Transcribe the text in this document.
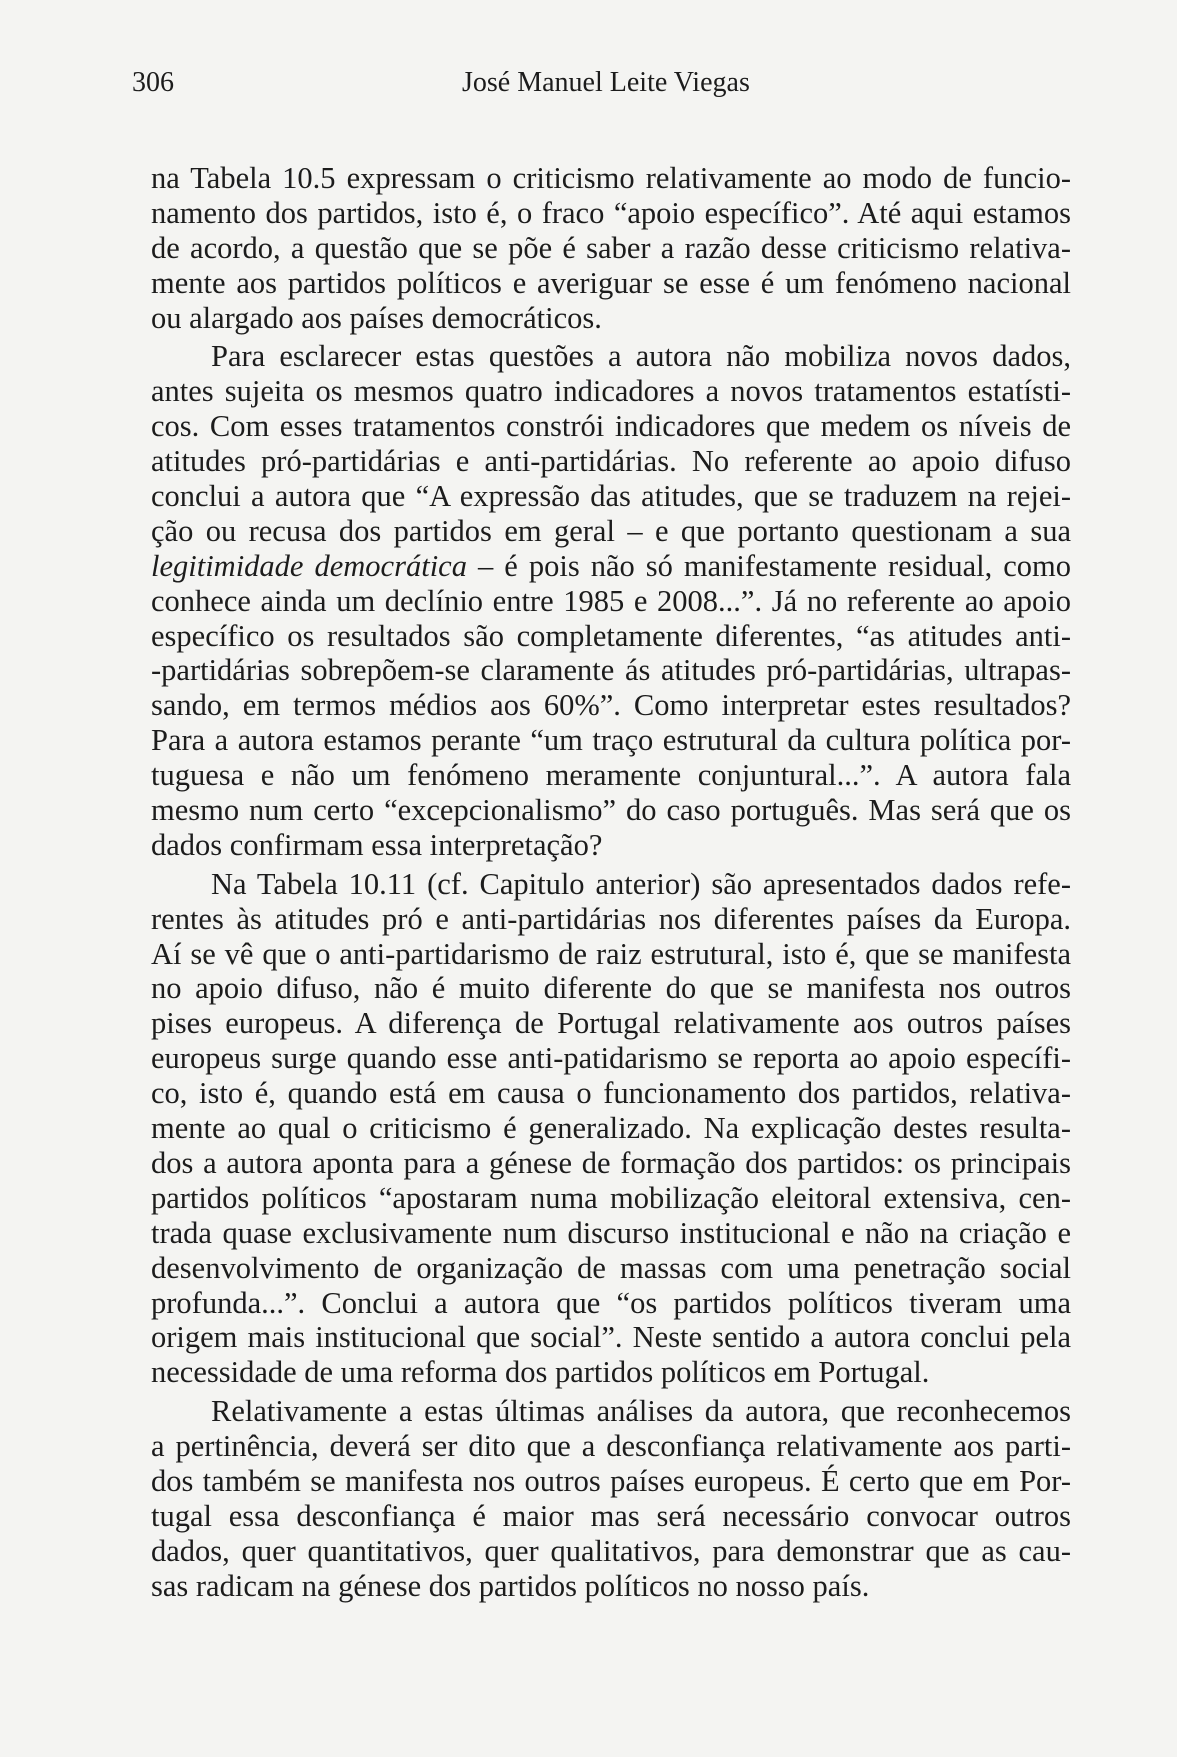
306	José Manuel Leite Viegas
na Tabela 10.5 expressam o criticismo relativamente ao modo de funcio-
namento dos partidos, isto é, o fraco “apoio específico”. Até aqui estamos
de acordo, a questão que se põe é saber a razão desse criticismo relativa-
mente aos partidos políticos e averiguar se esse é um fenómeno nacional
ou alargado aos países democráticos.
Para esclarecer estas questões a autora não mobiliza novos dados,
antes sujeita os mesmos quatro indicadores a novos tratamentos estatísti-
cos. Com esses tratamentos constrói indicadores que medem os níveis de
atitudes pró-partidárias e anti-partidárias. No referente ao apoio difuso
conclui a autora que “A expressão das atitudes, que se traduzem na rejei-
ção ou recusa dos partidos em geral – e que portanto questionam a sua
legitimidade democrática – é pois não só manifestamente residual, como
conhece ainda um declínio entre 1985 e 2008...”. Já no referente ao apoio
específico os resultados são completamente diferentes, “as atitudes anti-
-partidárias sobrepõem-se claramente ás atitudes pró-partidárias, ultrapas-
sando, em termos médios aos 60%”. Como interpretar estes resultados?
Para a autora estamos perante “um traço estrutural da cultura política por-
tuguesa e não um fenómeno meramente conjuntural...”. A autora fala
mesmo num certo “excepcionalismo” do caso português. Mas será que os
dados confirmam essa interpretação?
Na Tabela 10.11 (cf. Capitulo anterior) são apresentados dados refe-
rentes às atitudes pró e anti-partidárias nos diferentes países da Europa.
Aí se vê que o anti-partidarismo de raiz estrutural, isto é, que se manifesta
no apoio difuso, não é muito diferente do que se manifesta nos outros
pises europeus. A diferença de Portugal relativamente aos outros países
europeus surge quando esse anti-patidarismo se reporta ao apoio específi-
co, isto é, quando está em causa o funcionamento dos partidos, relativa-
mente ao qual o criticismo é generalizado. Na explicação destes resulta-
dos a autora aponta para a génese de formação dos partidos: os principais
partidos políticos “apostaram numa mobilização eleitoral extensiva, cen-
trada quase exclusivamente num discurso institucional e não na criação e
desenvolvimento de organização de massas com uma penetração social
profunda...”. Conclui a autora que “os partidos políticos tiveram uma
origem mais institucional que social”. Neste sentido a autora conclui pela
necessidade de uma reforma dos partidos políticos em Portugal.
Relativamente a estas últimas análises da autora, que reconhecemos
a pertinência, deverá ser dito que a desconfiança relativamente aos parti-
dos também se manifesta nos outros países europeus. É certo que em Por-
tugal essa desconfiança é maior mas será necessário convocar outros
dados, quer quantitativos, quer qualitativos, para demonstrar que as cau-
sas radicam na génese dos partidos políticos no nosso país.
